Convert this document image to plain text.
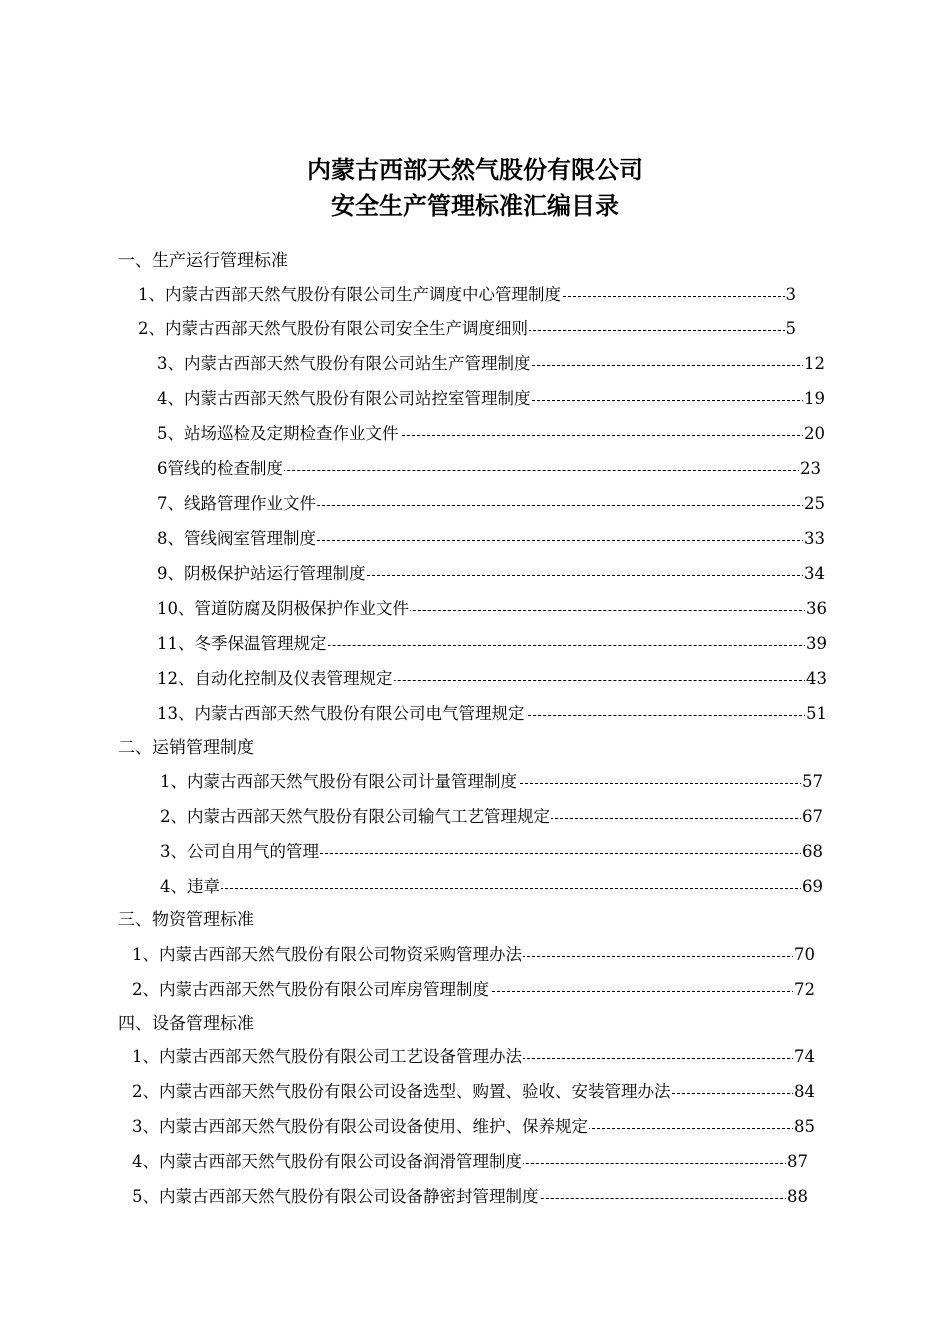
内蒙古西部天然气股份有限公司
安全生产管理标准汇编目录
一、生产运行管理标准
1、内蒙古西部天然气股份有限公司生产调度中心管理制度	3
2、内蒙古西部天然气股份有限公司安全生产调度细则	5
3、内蒙古西部天然气股份有限公司站生产管理制度	12
4、内蒙古西部天然气股份有限公司站控室管理制度	19
5、站场巡检及定期检查作业文件	20
6管线的检查制度	23
7、线路管理作业文件	25
8、管线阀室管理制度	33
9、阴极保护站运行管理制度	34
10、管道防腐及阴极保护作业文件	36
11、冬季保温管理规定	39
12、自动化控制及仪表管理规定	43
13、内蒙古西部天然气股份有限公司电气管理规定	51
二、运销管理制度
1、内蒙古西部天然气股份有限公司计量管理制度	57
2、内蒙古西部天然气股份有限公司输气工艺管理规定	67
3、公司自用气的管理	68
4、违章	69
三、物资管理标准
1、内蒙古西部天然气股份有限公司物资采购管理办法	70
2、内蒙古西部天然气股份有限公司库房管理制度	72
四、设备管理标准
1、内蒙古西部天然气股份有限公司工艺设备管理办法	74
2、内蒙古西部天然气股份有限公司设备选型、购置、验收、安装管理办法	84
3、内蒙古西部天然气股份有限公司设备使用、维护、保养规定	85
4、内蒙古西部天然气股份有限公司设备润滑管理制度	87
5、内蒙古西部天然气股份有限公司设备静密封管理制度	88
